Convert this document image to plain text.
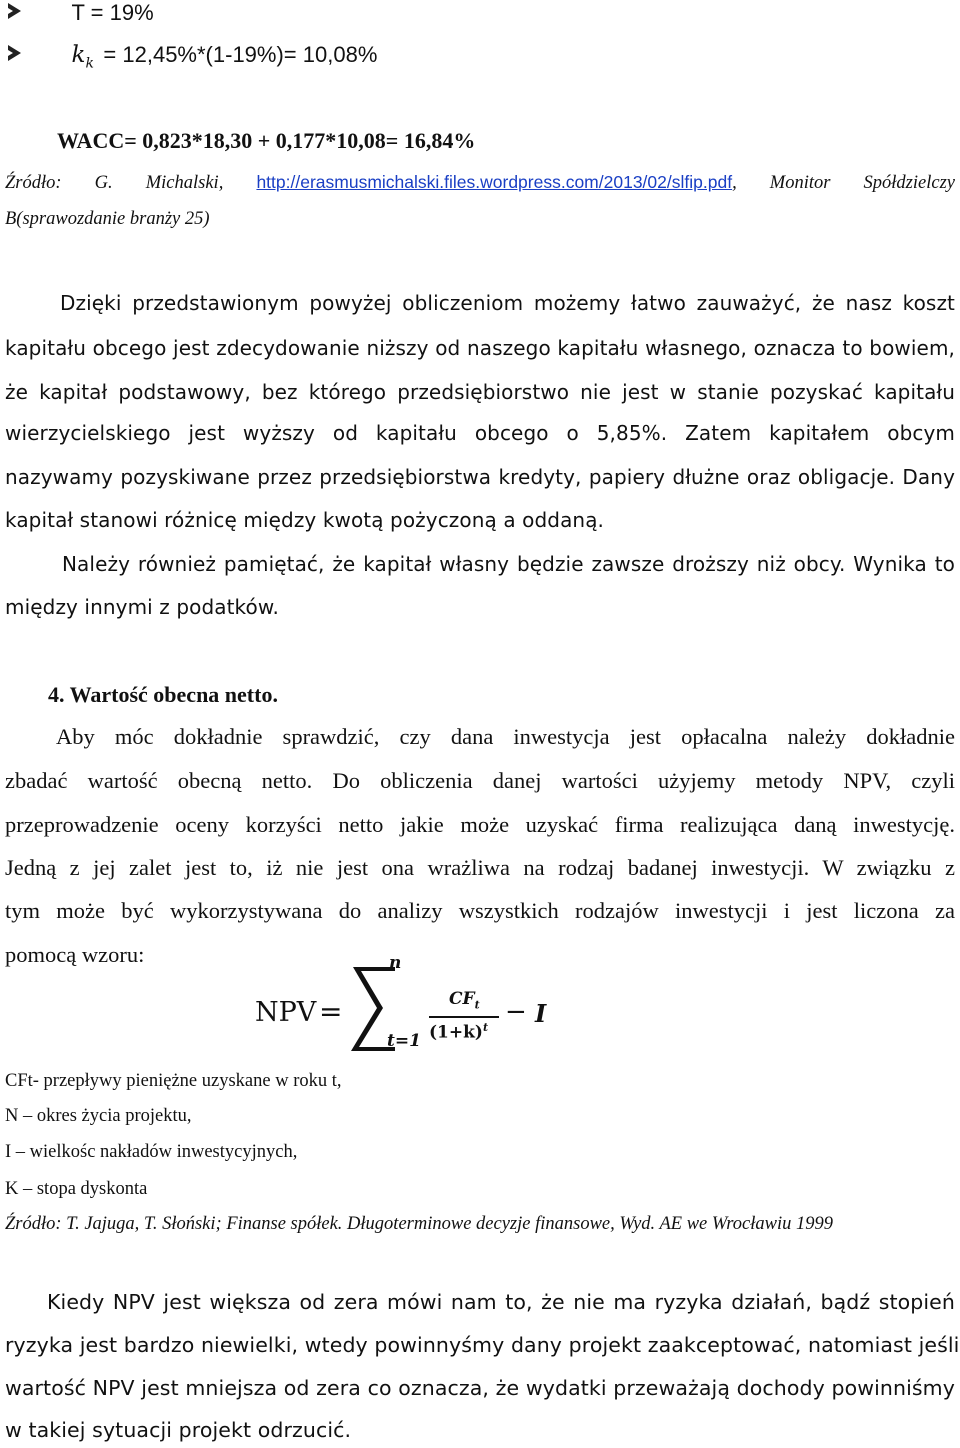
T = 19%
$k_k = 12,45\%*(1-19\%)= 10,08\%$
WACC= 0,823*18,30 + 0,177*10,08= 16,84%
Źródło: G. Michalski, http://erasmusmichalski.files.wordpress.com/2013/02/slfip.pdf, Monitor Spółdzielczy
B(sprawozdanie branży 25)
Dzięki przedstawionym powyżej obliczeniom możemy łatwo zauważyć, że nasz koszt
kapitału obcego jest zdecydowanie niższy od naszego kapitału własnego, oznacza to bowiem,
że kapitał podstawowy, bez którego przedsiębiorstwo nie jest w stanie pozyskać kapitału
wierzycielskiego jest wyższy od kapitału obcego o 5,85%. Zatem kapitałem obcym
nazywamy pozyskiwane przez przedsiębiorstwa kredyty, papiery dłużne oraz obligacje. Dany
kapitał stanowi różnicę między kwotą pożyczoną a oddaną.
Należy również pamiętać, że kapitał własny będzie zawsze droższy niż obcy. Wynika to
między innymi z podatków.
4. Wartość obecna netto.
Aby móc dokładnie sprawdzić, czy dana inwestycja jest opłacalna należy dokładnie
zbadać wartość obecną netto. Do obliczenia danej wartości użyjemy metody NPV, czyli
przeprowadzenie oceny korzyści netto jakie może uzyskać firma realizująca daną inwestycję.
Jedną z jej zalet jest to, iż nie jest ona wrażliwa na rodzaj badanej inwestycji. W związku z
tym może być wykorzystywana do analizy wszystkich rodzajów inwestycji i jest liczona za
pomocą wzoru:
NPV =
n
t=1
$CF_t$
$(1+k)^t$
− I
CFt- przepływy pieniężne uzyskane w roku t,
N – okres życia projektu,
I – wielkośc nakładów inwestycyjnych,
K – stopa dyskonta
Źródło: T. Jajuga, T. Słoński; Finanse spółek. Długoterminowe decyzje finansowe, Wyd. AE we Wrocławiu 1999
Kiedy NPV jest większa od zera mówi nam to, że nie ma ryzyka działań, bądź stopień
ryzyka jest bardzo niewielki, wtedy powinnyśmy dany projekt zaakceptować, natomiast jeśli
wartość NPV jest mniejsza od zera co oznacza, że wydatki przeważają dochody powinniśmy
w takiej sytuacji projekt odrzucić.
